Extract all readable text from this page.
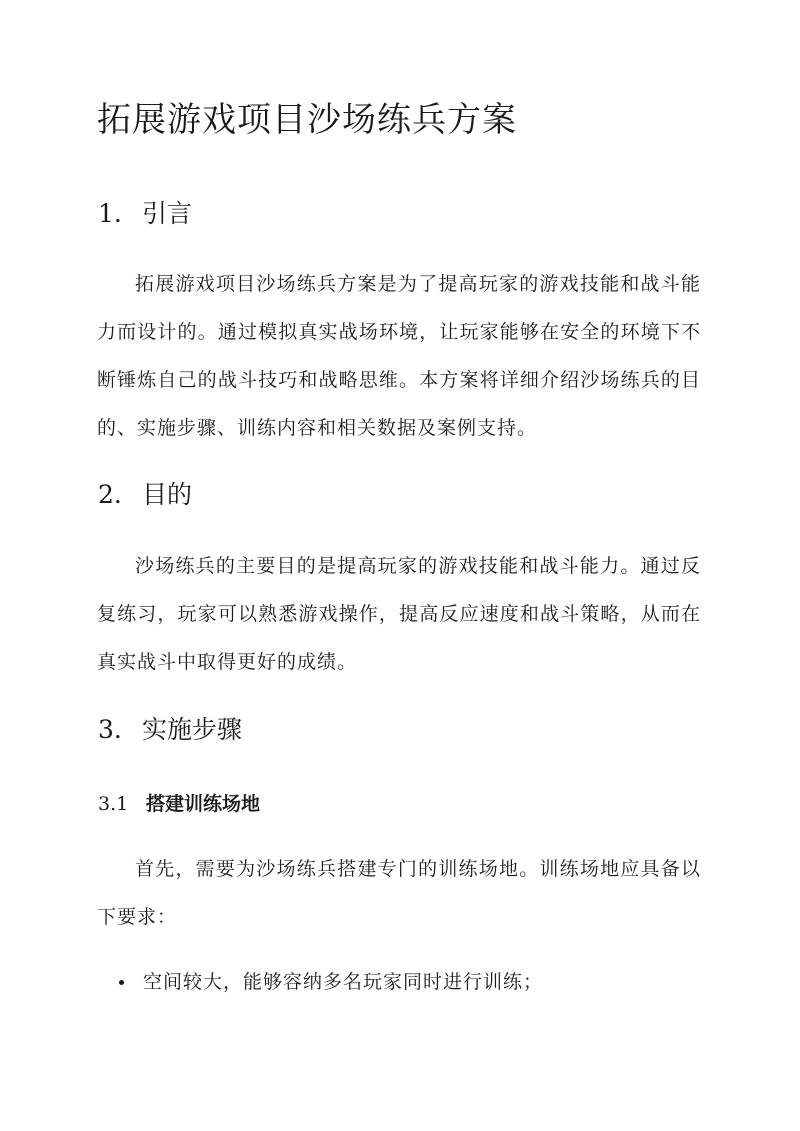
拓展游戏项目沙场练兵方案
1. 引言

拓展游戏项目沙场练兵方案是为了提高玩家的游戏技能和战斗能力而设计的。通过模拟真实战场环境，让玩家能够在安全的环境下不断锤炼自己的战斗技巧和战略思维。本方案将详细介绍沙场练兵的目的、实施步骤、训练内容和相关数据及案例支持。

2. 目的

沙场练兵的主要目的是提高玩家的游戏技能和战斗能力。通过反复练习，玩家可以熟悉游戏操作，提高反应速度和战斗策略，从而在真实战斗中取得更好的成绩。

3. 实施步骤
3.1 搭建训练场地

首先，需要为沙场练兵搭建专门的训练场地。训练场地应具备以下要求：

空间较大，能够容纳多名玩家同时进行训练；
